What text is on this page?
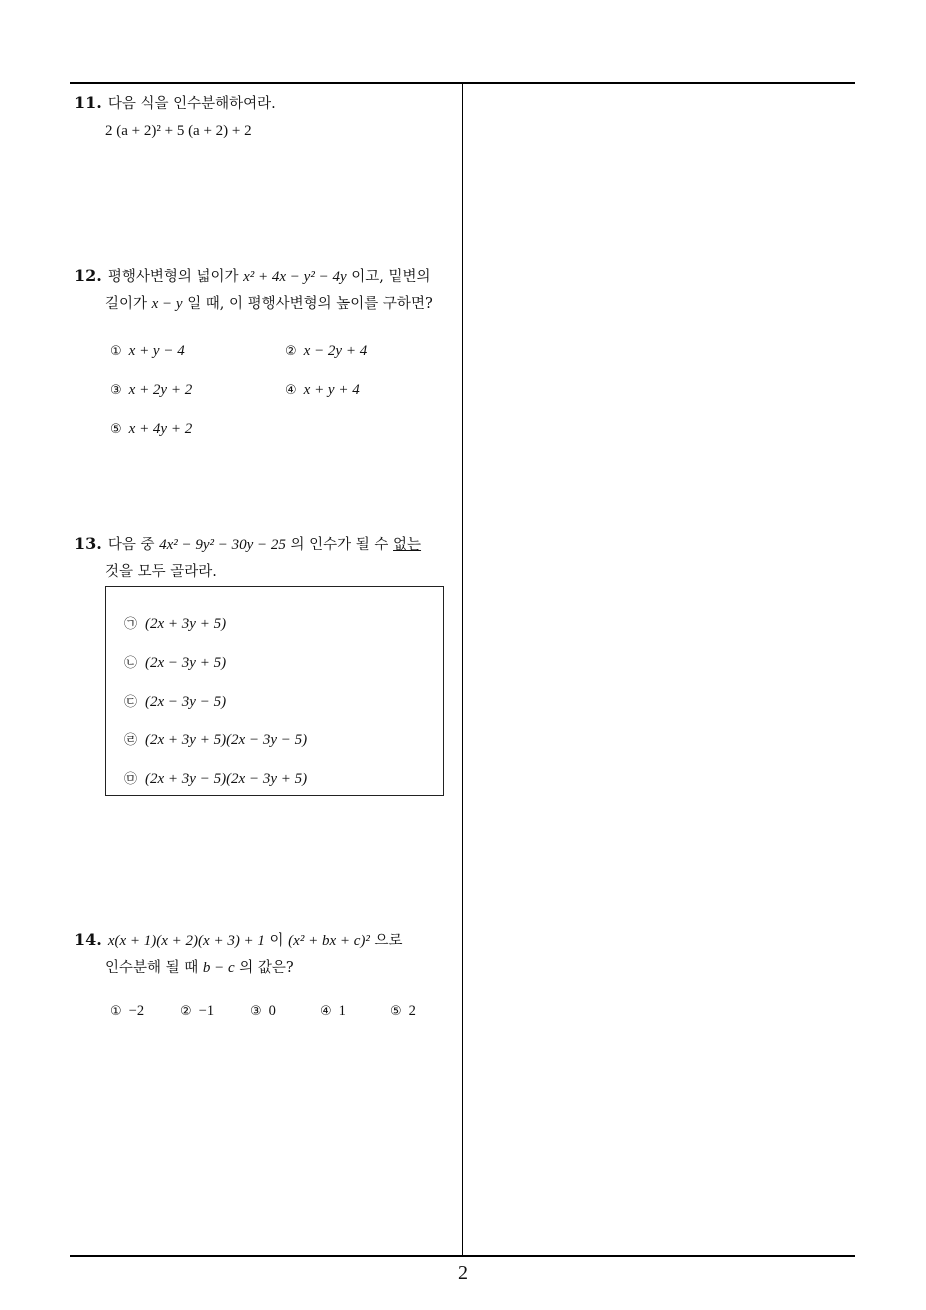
11. 다음 식을 인수분해하여라.
2 (a + 2)² + 5 (a + 2) + 2
12. 평행사변형의 넓이가 x² + 4x − y² − 4y 이고, 밑변의
길이가 x − y 일 때, 이 평행사변형의 높이를 구하면?
① x + y − 4	② x − 2y + 4
③ x + 2y + 2	④ x + y + 4
⑤ x + 4y + 2
13. 다음 중 4x² − 9y² − 30y − 25 의 인수가 될 수 없는
것을 모두 골라라.
㉠ (2x + 3y + 5)
㉡ (2x − 3y + 5)
㉢ (2x − 3y − 5)
㉣ (2x + 3y + 5)(2x − 3y − 5)
㉤ (2x + 3y − 5)(2x − 3y + 5)
14. x(x + 1)(x + 2)(x + 3) + 1 이 (x² + bx + c)² 으로
인수분해 될 때 b − c 의 값은?
① −2	② −1	③ 0	④ 1	⑤ 2
2
